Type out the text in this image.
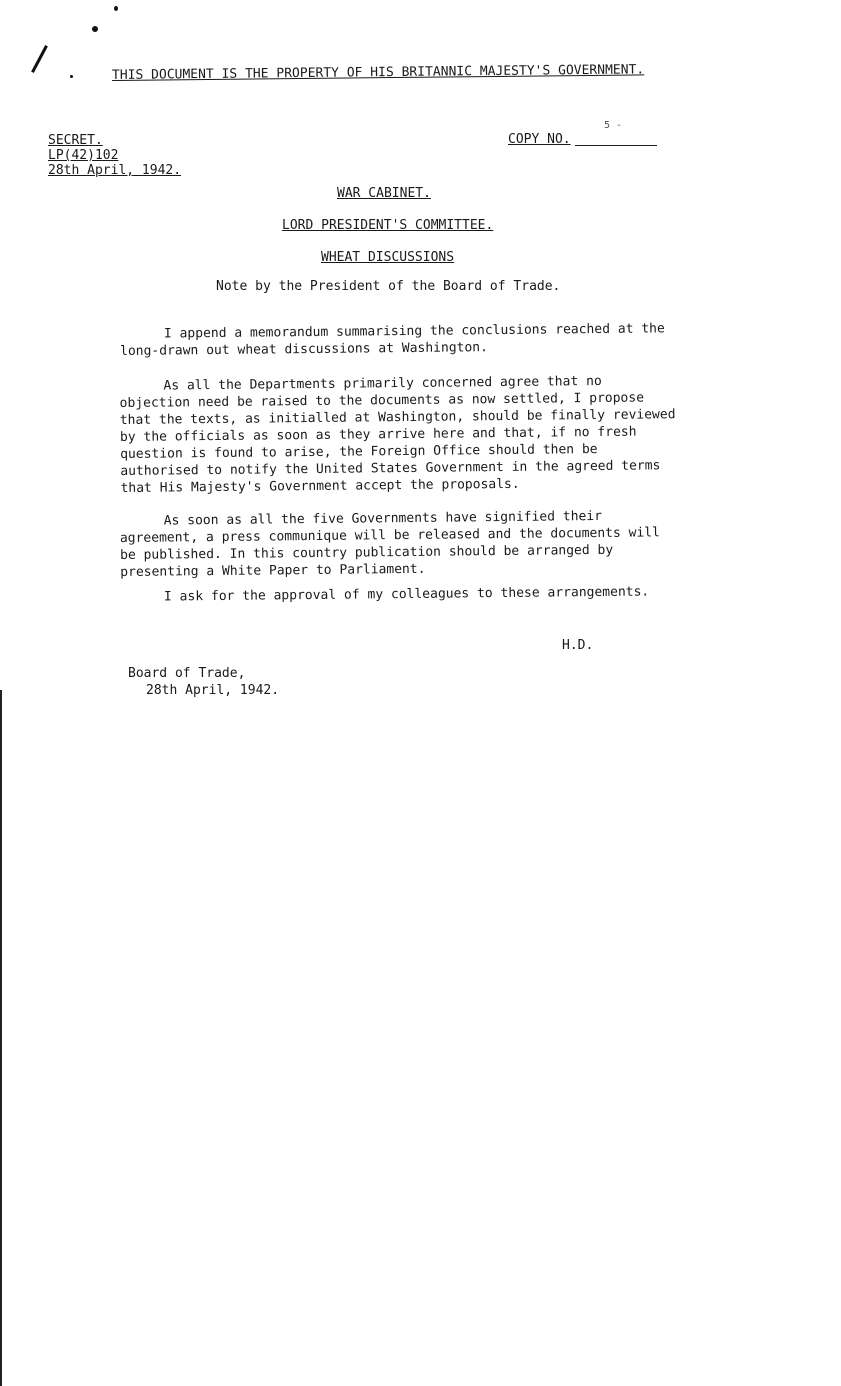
THIS DOCUMENT IS THE PROPERTY OF HIS BRITANNIC MAJESTY'S GOVERNMENT.
SECRET.
LP(42)102
28th April, 1942.
COPY NO.
5 -
WAR CABINET.
LORD PRESIDENT'S COMMITTEE.
WHEAT DISCUSSIONS
Note by the President of the Board of Trade.
I append a memorandum summarising the conclusions reached at the long-drawn out wheat discussions at Washington.
As all the Departments primarily concerned agree that no objection need be raised to the documents as now settled, I propose that the texts, as initialled at Washington, should be finally reviewed by the officials as soon as they arrive here and that, if no fresh question is found to arise, the Foreign Office should then be authorised to notify the United States Government in the agreed terms that His Majesty's Government accept the proposals.
As soon as all the five Governments have signified their agreement, a press communique will be released and the documents will be published. In this country publication should be arranged by presenting a White Paper to Parliament.
I ask for the approval of my colleagues to these arrangements.
H.D.
Board of Trade,
28th April, 1942.
